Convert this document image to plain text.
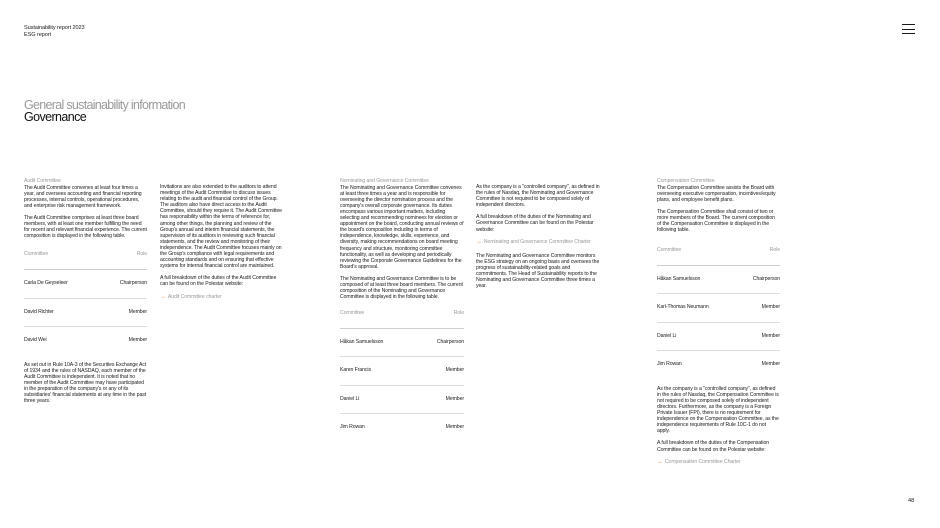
Sustainability report 2023
ESG report
General sustainability information
Governance
Audit Committee

The Audit Committee convenes at least four times a year, and oversees accounting and financial reporting processes, internal controls, operational procedures, and enterprise risk management framework.

The Audit Committee comprises at least three board members, with at least one member fulfilling the need for recent and relevant financial experience. The current composition is displayed in the following table.

Committee	Role
Carla De Geyseleer	Chairperson
David Richter	Member
David Wei	Member

As set out in Rule 10A-3 of the Securities Exchange Act of 1934 and the rules of NASDAQ, each member of the Audit Committee is independent. It is noted that no member of the Audit Committee may have participated in the preparation of the company's or any of its subsidiaries' financial statements at any time in the past three years.

Invitations are also extended to the auditors to attend meetings of the Audit Committee to discuss issues relating to the audit and financial control of the Group. The auditors also have direct access to the Audit Committee, should they require it. The Audit Committee has responsibility within the terms of reference for, among other things, the planning and review of the Group's annual and interim financial statements, the supervision of its auditors in reviewing such financial statements, and the review and monitoring of their independence. The Audit Committee focuses mainly on the Group's compliance with legal requirements and accounting standards and on ensuring that effective systems for internal financial control are maintained.

A full breakdown of the duties of the Audit Committee can be found on the Polestar website:

→ Audit Committee charter
Nominating and Governance Committee

The Nominating and Governance Committee convenes at least three times a year and is responsible for overseeing the director nomination process and the company's overall corporate governance. Its duties encompass various important matters, including selecting and recommending nominees for election or appointment on the board, conducting annual reviews of the board's composition including in terms of independence, knowledge, skills, experience, and diversity, making recommendations on board meeting frequency and structure, monitoring committee functionality, as well as developing and periodically reviewing the Corporate Governance Guidelines for the Board's approval.

The Nominating and Governance Committee is to be composed of at least three board members. The current composition of the Nominating and Governance Committee is displayed in the following table.

Committee	Role
Håkan Samuelsson	Chairperson
Karen Francis	Member
Daniel Li	Member
Jim Rowan	Member

As the company is a "controlled company", as defined in the rules of Nasdaq, the Nominating and Governance Committee is not required to be composed solely of independent directors.

A full breakdown of the duties of the Nominating and Governance Committee can be found on the Polestar website:

→ Nominating and Governance Committee Charter

The Nominating and Governance Committee monitors the ESG strategy on an ongoing basis and oversees the progress of sustainability-related goals and commitments. The Head of Sustainability reports to the Nominating and Governance Committee three times a year.

Compensation Committee

The Compensation Committee assists the Board with overseeing executive compensation, incentives/equity plans, and employee benefit plans.

The Compensation Committee shall consist of two or more members of the Board. The current composition of the Compensation Committee is displayed in the following table.

Committee	Role
Håkan Samuelsson	Chairperson
Karl-Thomas Neumann	Member
Daniel Li	Member
Jim Rowan	Member

As the company is a "controlled company", as defined in the rules of Nasdaq, the Compensation Committee is not required to be composed solely of independent directors. Furthermore, as the company is a Foreign Private Issuer (FPI), there is no requirement for independence on the Compensation Committee, as the independence requirements of Rule 10C-1 do not apply.

A full breakdown of the duties of the Compensation Committee can be found on the Polestar website:

→ Compensation Committee Charter
48
